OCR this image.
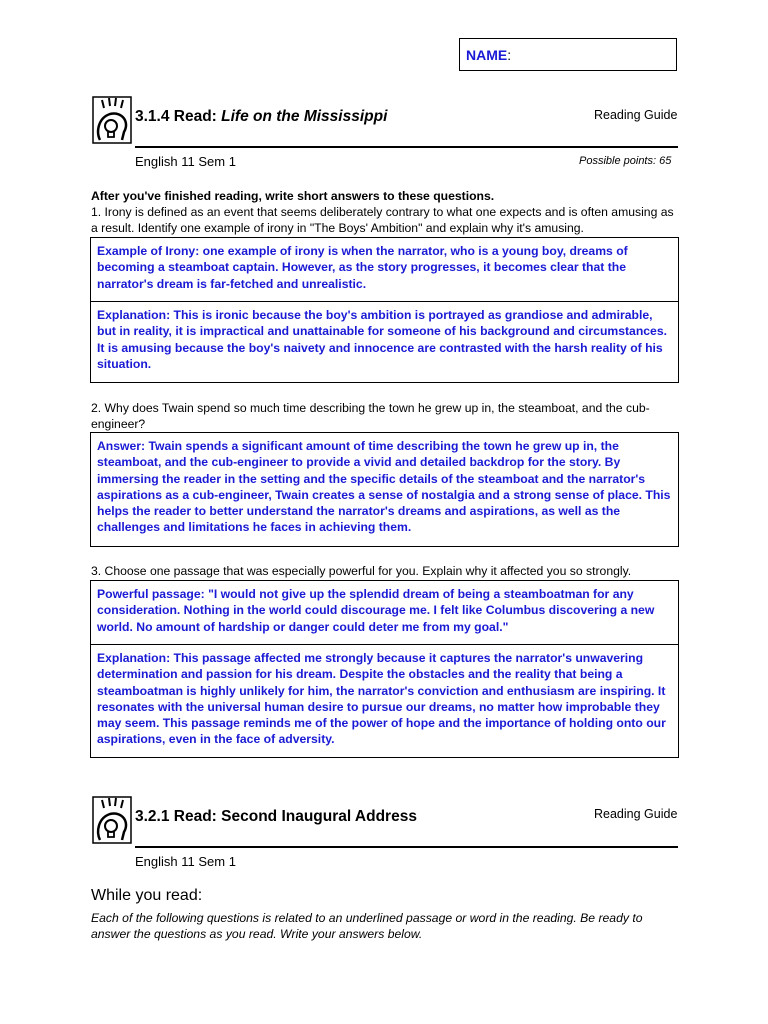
NAME:
3.1.4 Read: Life on the Mississippi	Reading Guide
English 11 Sem 1	Possible points: 65
After you've finished reading, write short answers to these questions.
1. Irony is defined as an event that seems deliberately contrary to what one expects and is often amusing as a result. Identify one example of irony in "The Boys' Ambition" and explain why it's amusing.
Example of Irony: one example of irony is when the narrator, who is a young boy, dreams of becoming a steamboat captain. However, as the story progresses, it becomes clear that the narrator's dream is far-fetched and unrealistic.
Explanation: This is ironic because the boy's ambition is portrayed as grandiose and admirable, but in reality, it is impractical and unattainable for someone of his background and circumstances. It is amusing because the boy's naivety and innocence are contrasted with the harsh reality of his situation.
2. Why does Twain spend so much time describing the town he grew up in, the steamboat, and the cub-engineer?
Answer: Twain spends a significant amount of time describing the town he grew up in, the steamboat, and the cub-engineer to provide a vivid and detailed backdrop for the story. By immersing the reader in the setting and the specific details of the steamboat and the narrator's aspirations as a cub-engineer, Twain creates a sense of nostalgia and a strong sense of place. This helps the reader to better understand the narrator's dreams and aspirations, as well as the challenges and limitations he faces in achieving them.
3. Choose one passage that was especially powerful for you. Explain why it affected you so strongly.
Powerful passage: "I would not give up the splendid dream of being a steamboatman for any consideration. Nothing in the world could discourage me. I felt like Columbus discovering a new world. No amount of hardship or danger could deter me from my goal."
Explanation: This passage affected me strongly because it captures the narrator's unwavering determination and passion for his dream. Despite the obstacles and the reality that being a steamboatman is highly unlikely for him, the narrator's conviction and enthusiasm are inspiring. It resonates with the universal human desire to pursue our dreams, no matter how improbable they may seem. This passage reminds me of the power of hope and the importance of holding onto our aspirations, even in the face of adversity.
3.2.1 Read: Second Inaugural Address	Reading Guide
English 11 Sem 1
While you read:
Each of the following questions is related to an underlined passage or word in the reading. Be ready to answer the questions as you read. Write your answers below.
